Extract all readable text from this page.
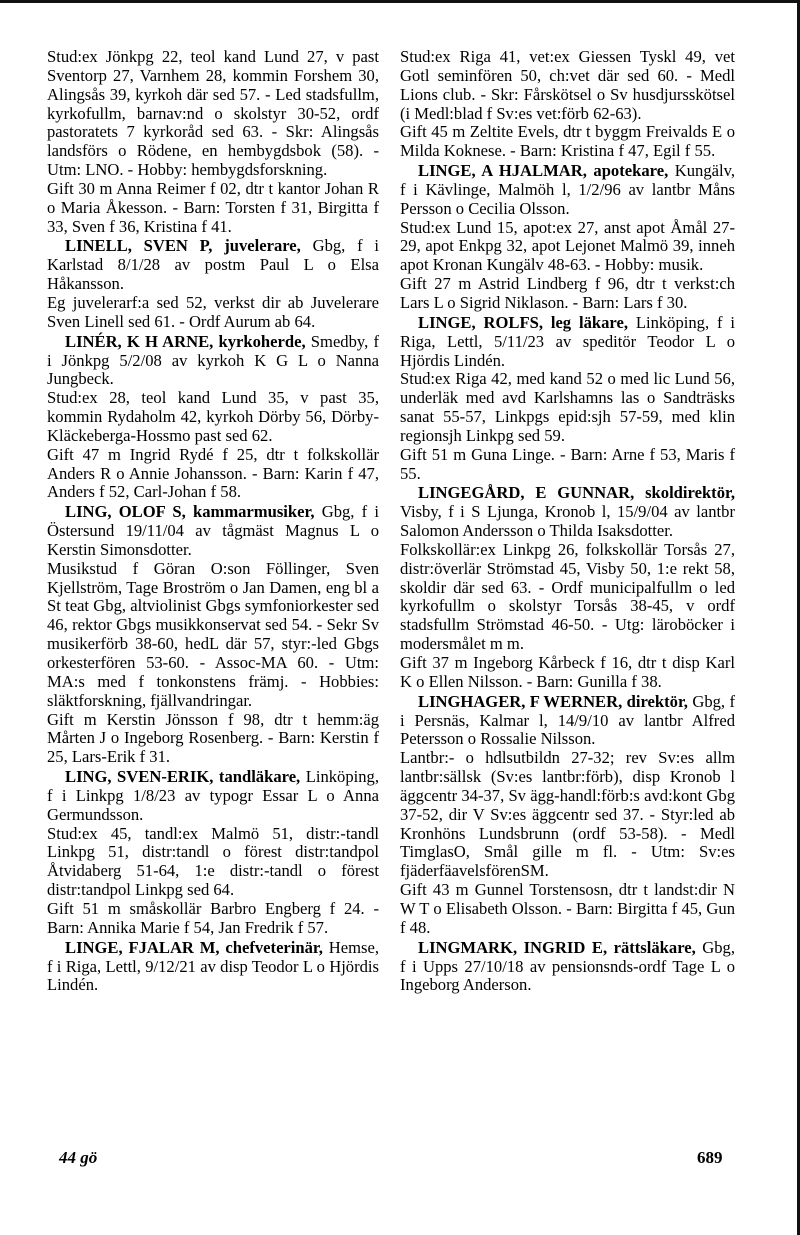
Stud:ex Jönkpg 22, teol kand Lund 27, v past Sventorp 27, Varnhem 28, kommin Forshem 30, Alingsås 39, kyrkoh där sed 57. - Led stadsfullm, kyrkofullm, barnav:nd o skolstyr 30-52, ordf pastoratets 7 kyrkoråd sed 63. - Skr: Alingsås landsförs o Rödene, en hembygdsbok (58). - Utm: LNO. - Hobby: hembygdsforskning.

Gift 30 m Anna Reimer f 02, dtr t kantor Johan R o Maria Åkesson. - Barn: Torsten f 31, Birgitta f 33, Sven f 36, Kristina f 41.

LINELL, SVEN P, juvelerare, Gbg, f i Karlstad 8/1/28 av postm Paul L o Elsa Håkansson.

Eg juvelerarf:a sed 52, verkst dir ab Juvelerare Sven Linell sed 61. - Ordf Aurum ab 64.

LINÉR, K H ARNE, kyrkoherde, Smedby, f i Jönkpg 5/2/08 av kyrkoh K G L o Nanna Jungbeck.

Stud:ex 28, teol kand Lund 35, v past 35, kommin Rydaholm 42, kyrkoh Dörby 56, Dörby-Kläckeberga-Hossmo past sed 62.

Gift 47 m Ingrid Rydé f 25, dtr t folkskollär Anders R o Annie Johansson. - Barn: Karin f 47, Anders f 52, Carl-Johan f 58.

LING, OLOF S, kammarmusiker, Gbg, f i Östersund 19/11/04 av tågmäst Magnus L o Kerstin Simonsdotter.

Musikstud f Göran O:son Föllinger, Sven Kjellström, Tage Broström o Jan Damen, eng bl a St teat Gbg, altviolinist Gbgs symfoniorkester sed 46, rektor Gbgs musikkonservat sed 54. - Sekr Sv musikerförb 38-60, hedL där 57, styr:-led Gbgs orkesterfören 53-60. - Assoc-MA 60. - Utm: MA:s med f tonkonstens främj. - Hobbies: släktforskning, fjällvandringar.

Gift m Kerstin Jönsson f 98, dtr t hemm:äg Mårten J o Ingeborg Rosenberg. - Barn: Kerstin f 25, Lars-Erik f 31.

LING, SVEN-ERIK, tandläkare, Linköping, f i Linkpg 1/8/23 av typogr Essar L o Anna Germundsson.

Stud:ex 45, tandl:ex Malmö 51, distr:-tandl Linkpg 51, distr:tandl o förest distr:tandpol Åtvidaberg 51-64, 1:e distr:-tandl o förest distr:tandpol Linkpg sed 64.

Gift 51 m småskollär Barbro Engberg f 24. - Barn: Annika Marie f 54, Jan Fredrik f 57.

LINGE, FJALAR M, chefveterinär, Hemse, f i Riga, Lettl, 9/12/21 av disp Teodor L o Hjördis Lindén.

Stud:ex Riga 41, vet:ex Giessen Tyskl 49, vet Gotl seminfören 50, ch:vet där sed 60. - Medl Lions club. - Skr: Fårskötsel o Sv husdjursskötsel (i Medl:blad f Sv:es vet:förb 62-63).

Gift 45 m Zeltite Evels, dtr t byggm Freivalds E o Milda Koknese. - Barn: Kristina f 47, Egil f 55.

LINGE, A HJALMAR, apotekare, Kungälv, f i Kävlinge, Malmöh l, 1/2/96 av lantbr Måns Persson o Cecilia Olsson.

Stud:ex Lund 15, apot:ex 27, anst apot Åmål 27-29, apot Enkpg 32, apot Lejonet Malmö 39, inneh apot Kronan Kungälv 48-63. - Hobby: musik.

Gift 27 m Astrid Lindberg f 96, dtr t verkst:ch Lars L o Sigrid Niklason. - Barn: Lars f 30.

LINGE, ROLFS, leg läkare, Linköping, f i Riga, Lettl, 5/11/23 av speditör Teodor L o Hjördis Lindén.

Stud:ex Riga 42, med kand 52 o med lic Lund 56, underläk med avd Karlshamns las o Sandträsks sanat 55-57, Linkpgs epid:sjh 57-59, med klin regionsjh Linkpg sed 59.

Gift 51 m Guna Linge. - Barn: Arne f 53, Maris f 55.

LINGEGÅRD, E GUNNAR, skoldirektör, Visby, f i S Ljunga, Kronob l, 15/9/04 av lantbr Salomon Andersson o Thilda Isaksdotter.

Folkskollär:ex Linkpg 26, folkskollär Torsås 27, distr:överlär Strömstad 45, Visby 50, 1:e rekt 58, skoldir där sed 63. - Ordf municipalfullm o led kyrkofullm o skolstyr Torsås 38-45, v ordf stadsfullm Strömstad 46-50. - Utg: läroböcker i modersmålet m m.

Gift 37 m Ingeborg Kårbeck f 16, dtr t disp Karl K o Ellen Nilsson. - Barn: Gunilla f 38.

LINGHAGER, F WERNER, direktör, Gbg, f i Persnäs, Kalmar l, 14/9/10 av lantbr Alfred Petersson o Rossalie Nilsson.

Lantbr:- o hdlsutbildn 27-32; rev Sv:es allm lantbr:sällsk (Sv:es lantbr:förb), disp Kronob l äggcentr 34-37, Sv ägg-handl:förb:s avd:kont Gbg 37-52, dir V Sv:es äggcentr sed 37. - Styr:led ab Kronhöns Lundsbrunn (ordf 53-58). - Medl TimglasO, Smål gille m fl. - Utm: Sv:es fjäderfäavelsförenSM.

Gift 43 m Gunnel Torstensosn, dtr t landst:dir N W T o Elisabeth Olsson. - Barn: Birgitta f 45, Gun f 48.

LINGMARK, INGRID E, rättsläkare, Gbg, f i Upps 27/10/18 av pensionsnds-ordf Tage L o Ingeborg Anderson.

44 gö	689
